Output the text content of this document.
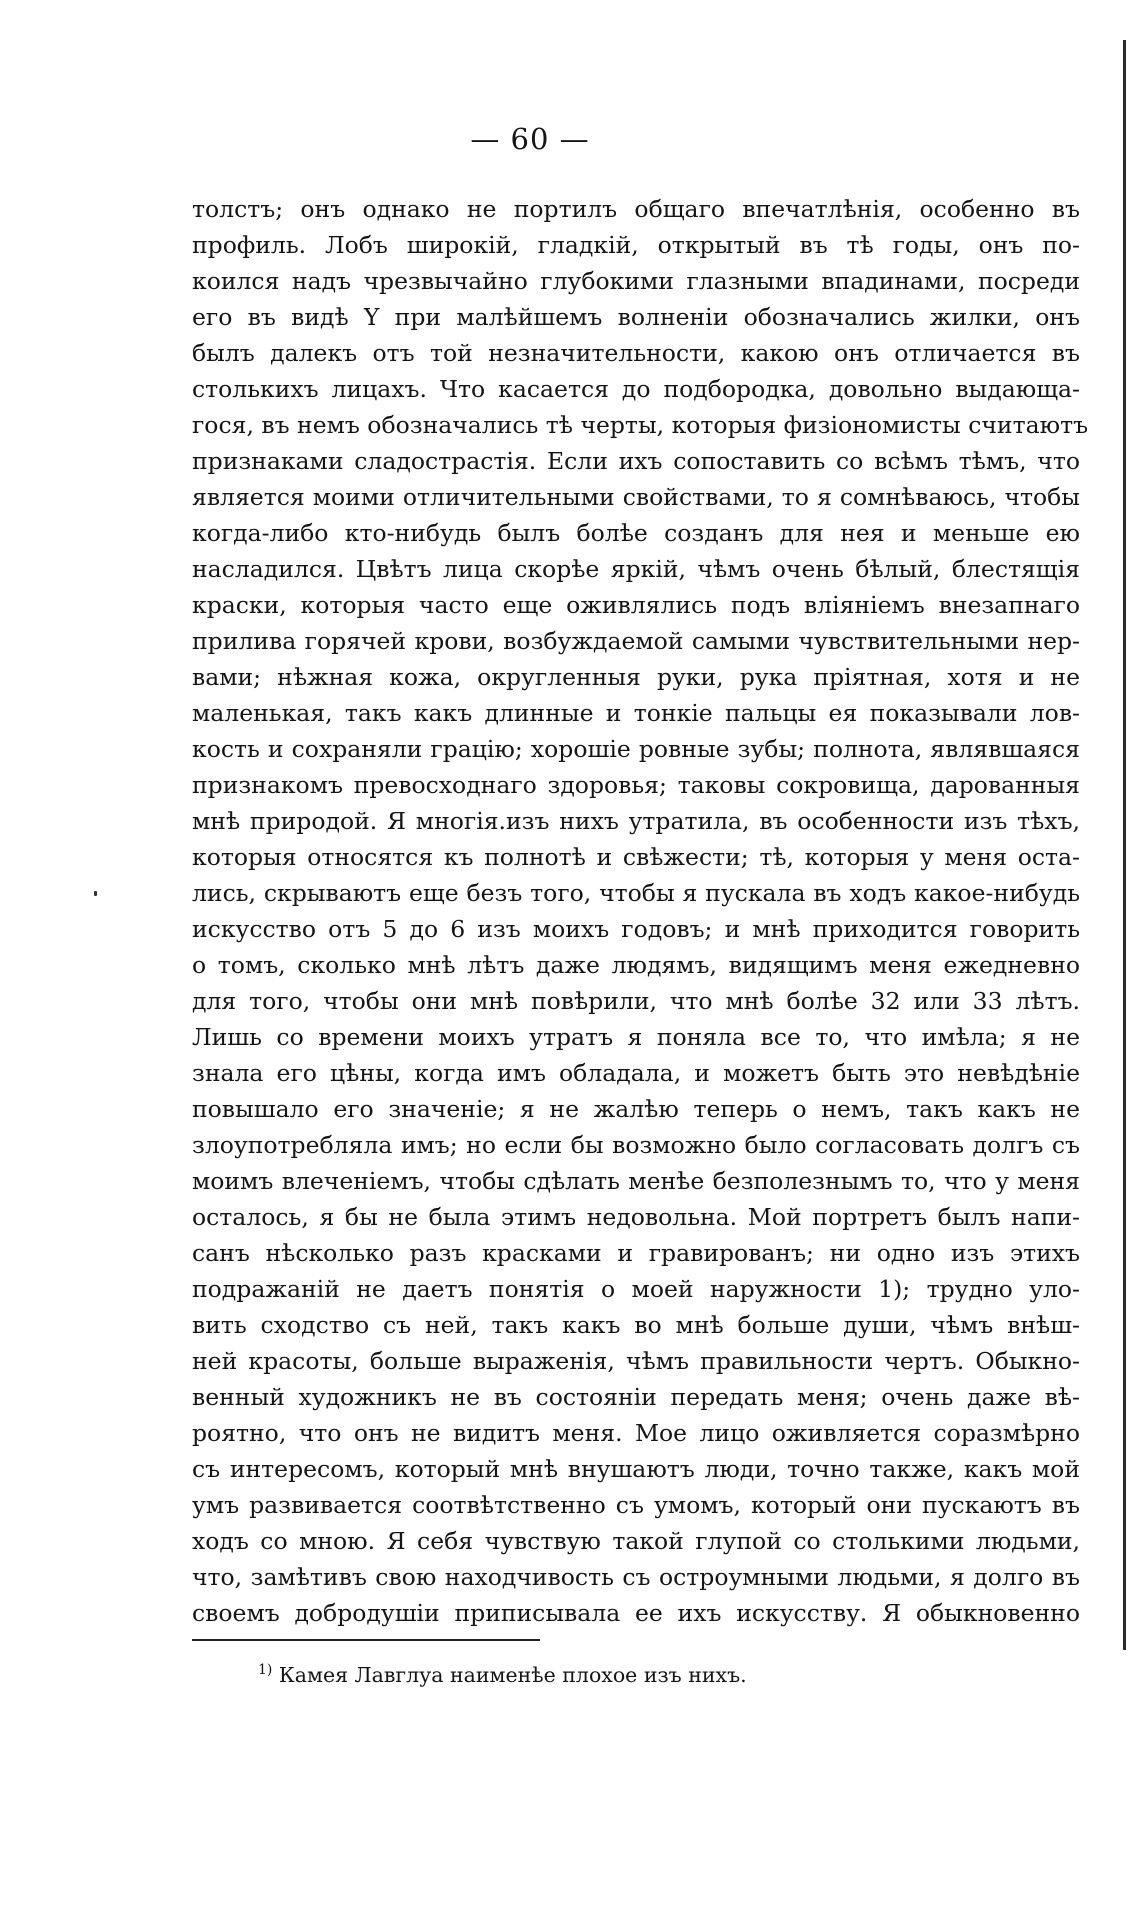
— 60 —
толстъ; онъ однако не портилъ общаго впечатлѣнія, особенно въ
профиль. Лобъ широкій, гладкій, открытый въ тѣ годы, онъ по-
коился надъ чрезвычайно глубокими глазными впадинами, посреди
его въ видѣ Y при малѣйшемъ волненіи обозначались жилки, онъ
былъ далекъ отъ той незначительности, какою онъ отличается въ
столькихъ лицахъ. Что касается до подбородка, довольно выдающа-
гося, въ немъ обозначались тѣ черты, которыя физіономисты считаютъ
признаками сладострастія. Если ихъ сопоставить со всѣмъ тѣмъ, что
является моими отличительными свойствами, то я сомнѣваюсь, чтобы
когда-либо кто-нибудь былъ болѣе созданъ для нея и меньше ею
насладился. Цвѣтъ лица скорѣе яркій, чѣмъ очень бѣлый, блестящія
краски, которыя часто еще оживлялись подъ вліяніемъ внезапнаго
прилива горячей крови, возбуждаемой самыми чувствительными нер-
вами; нѣжная кожа, округленныя руки, рука пріятная, хотя и не
маленькая, такъ какъ длинные и тонкіе пальцы ея показывали лов-
кость и сохраняли грацію; хорошіе ровные зубы; полнота, являвшаяся
признакомъ превосходнаго здоровья; таковы сокровища, дарованныя
мнѣ природой. Я многія.изъ нихъ утратила, въ особенности изъ тѣхъ,
которыя относятся къ полнотѣ и свѣжести; тѣ, которыя у меня оста-
лись, скрываютъ еще безъ того, чтобы я пускала въ ходъ какое-нибудь
искусство отъ 5 до 6 изъ моихъ годовъ; и мнѣ приходится говорить
о томъ, сколько мнѣ лѣтъ даже людямъ, видящимъ меня ежедневно
для того, чтобы они мнѣ повѣрили, что мнѣ болѣе 32 или 33 лѣтъ.
Лишь со времени моихъ утратъ я поняла все то, что имѣла; я не
знала его цѣны, когда имъ обладала, и можетъ быть это невѣдѣніе
повышало его значеніе; я не жалѣю теперь о немъ, такъ какъ не
злоупотребляла имъ; но если бы возможно было согласовать долгъ съ
моимъ влеченіемъ, чтобы сдѣлать менѣе безполезнымъ то, что у меня
осталось, я бы не была этимъ недовольна. Мой портретъ былъ напи-
санъ нѣсколько разъ красками и гравированъ; ни одно изъ этихъ
подражаній не даетъ понятія о моей наружности 1); трудно уло-
вить сходство съ ней, такъ какъ во мнѣ больше души, чѣмъ внѣш-
ней красоты, больше выраженія, чѣмъ правильности чертъ. Обыкно-
венный художникъ не въ состояніи передать меня; очень даже вѣ-
роятно, что онъ не видитъ меня. Мое лицо оживляется соразмѣрно
съ интересомъ, который мнѣ внушаютъ люди, точно также, какъ мой
умъ развивается соотвѣтственно съ умомъ, который они пускаютъ въ
ходъ со мною. Я себя чувствую такой глупой со столькими людьми,
что, замѣтивъ свою находчивость съ остроумными людьми, я долго въ
своемъ добродушіи приписывала ее ихъ искусству. Я обыкновенно
$^{1)}$ Камея Лавглуа наименѣе плохое изъ нихъ.
